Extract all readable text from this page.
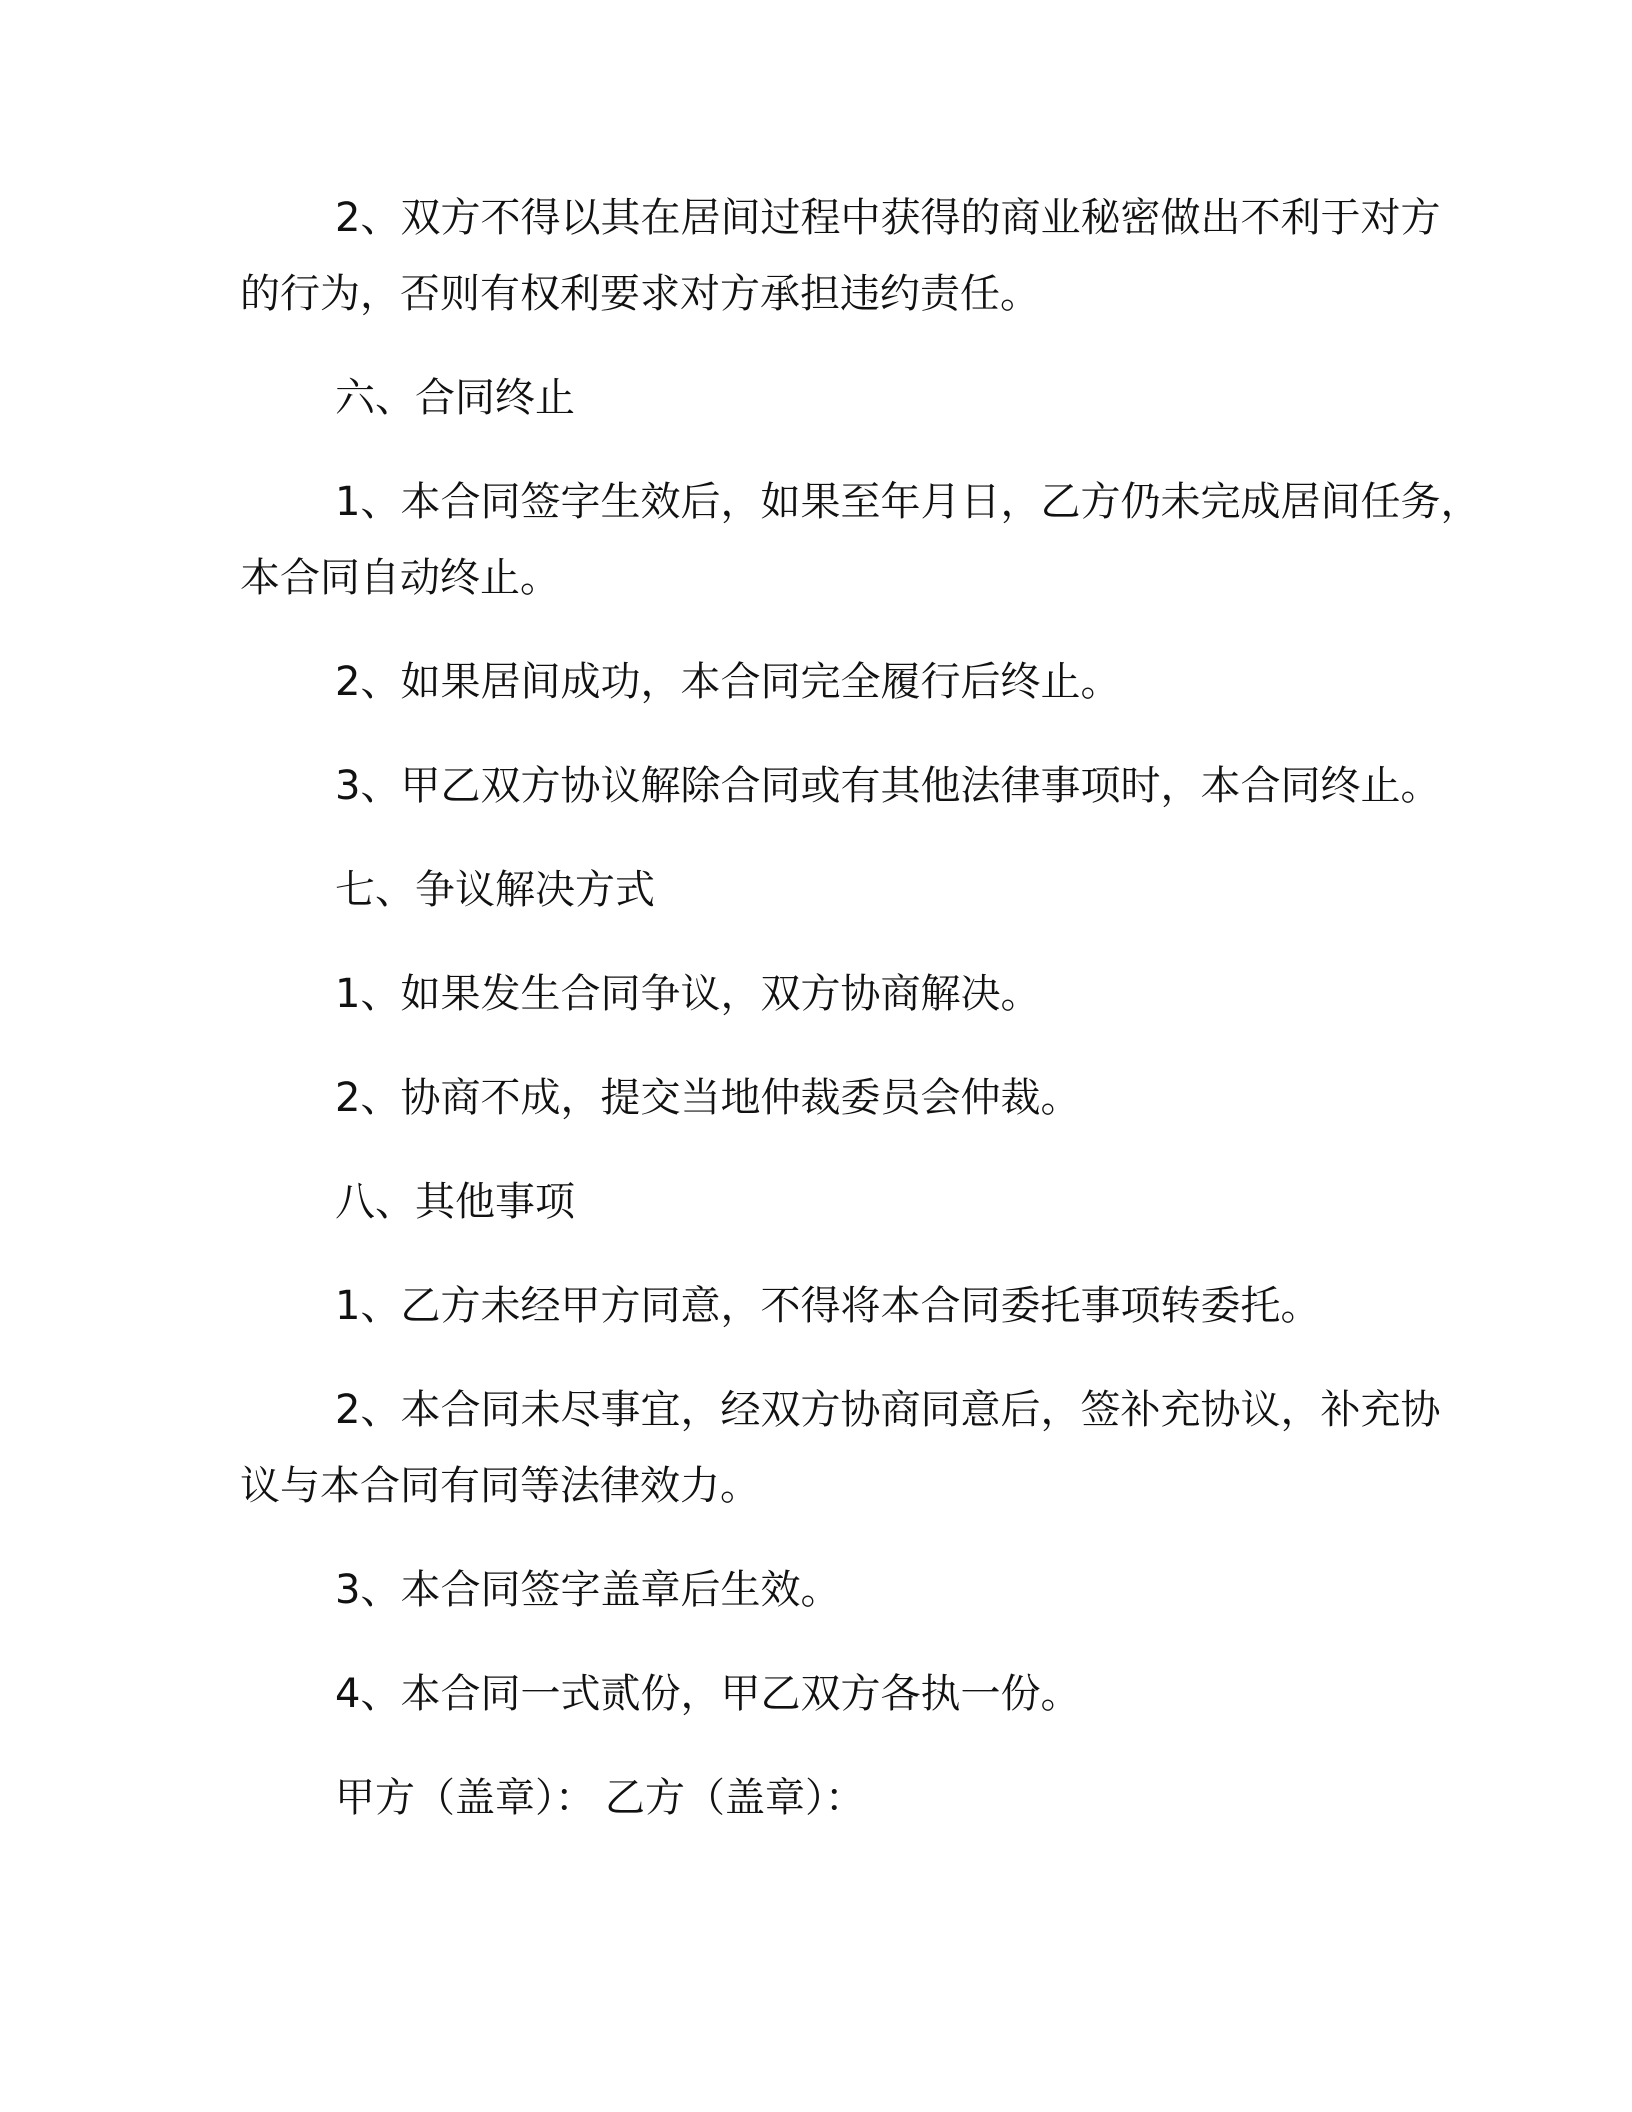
2、双方不得以其在居间过程中获得的商业秘密做出不利于对方
的行为，否则有权利要求对方承担违约责任。
六、合同终止
1、本合同签字生效后，如果至年月日，乙方仍未完成居间任务，
本合同自动终止。
2、如果居间成功，本合同完全履行后终止。
3、甲乙双方协议解除合同或有其他法律事项时，本合同终止。
七、争议解决方式
1、如果发生合同争议，双方协商解决。
2、协商不成，提交当地仲裁委员会仲裁。
八、其他事项
1、乙方未经甲方同意，不得将本合同委托事项转委托。
2、本合同未尽事宜，经双方协商同意后，签补充协议，补充协
议与本合同有同等法律效力。
3、本合同签字盖章后生效。
4、本合同一式贰份，甲乙双方各执一份。
甲方（盖章）： 乙方（盖章）：
